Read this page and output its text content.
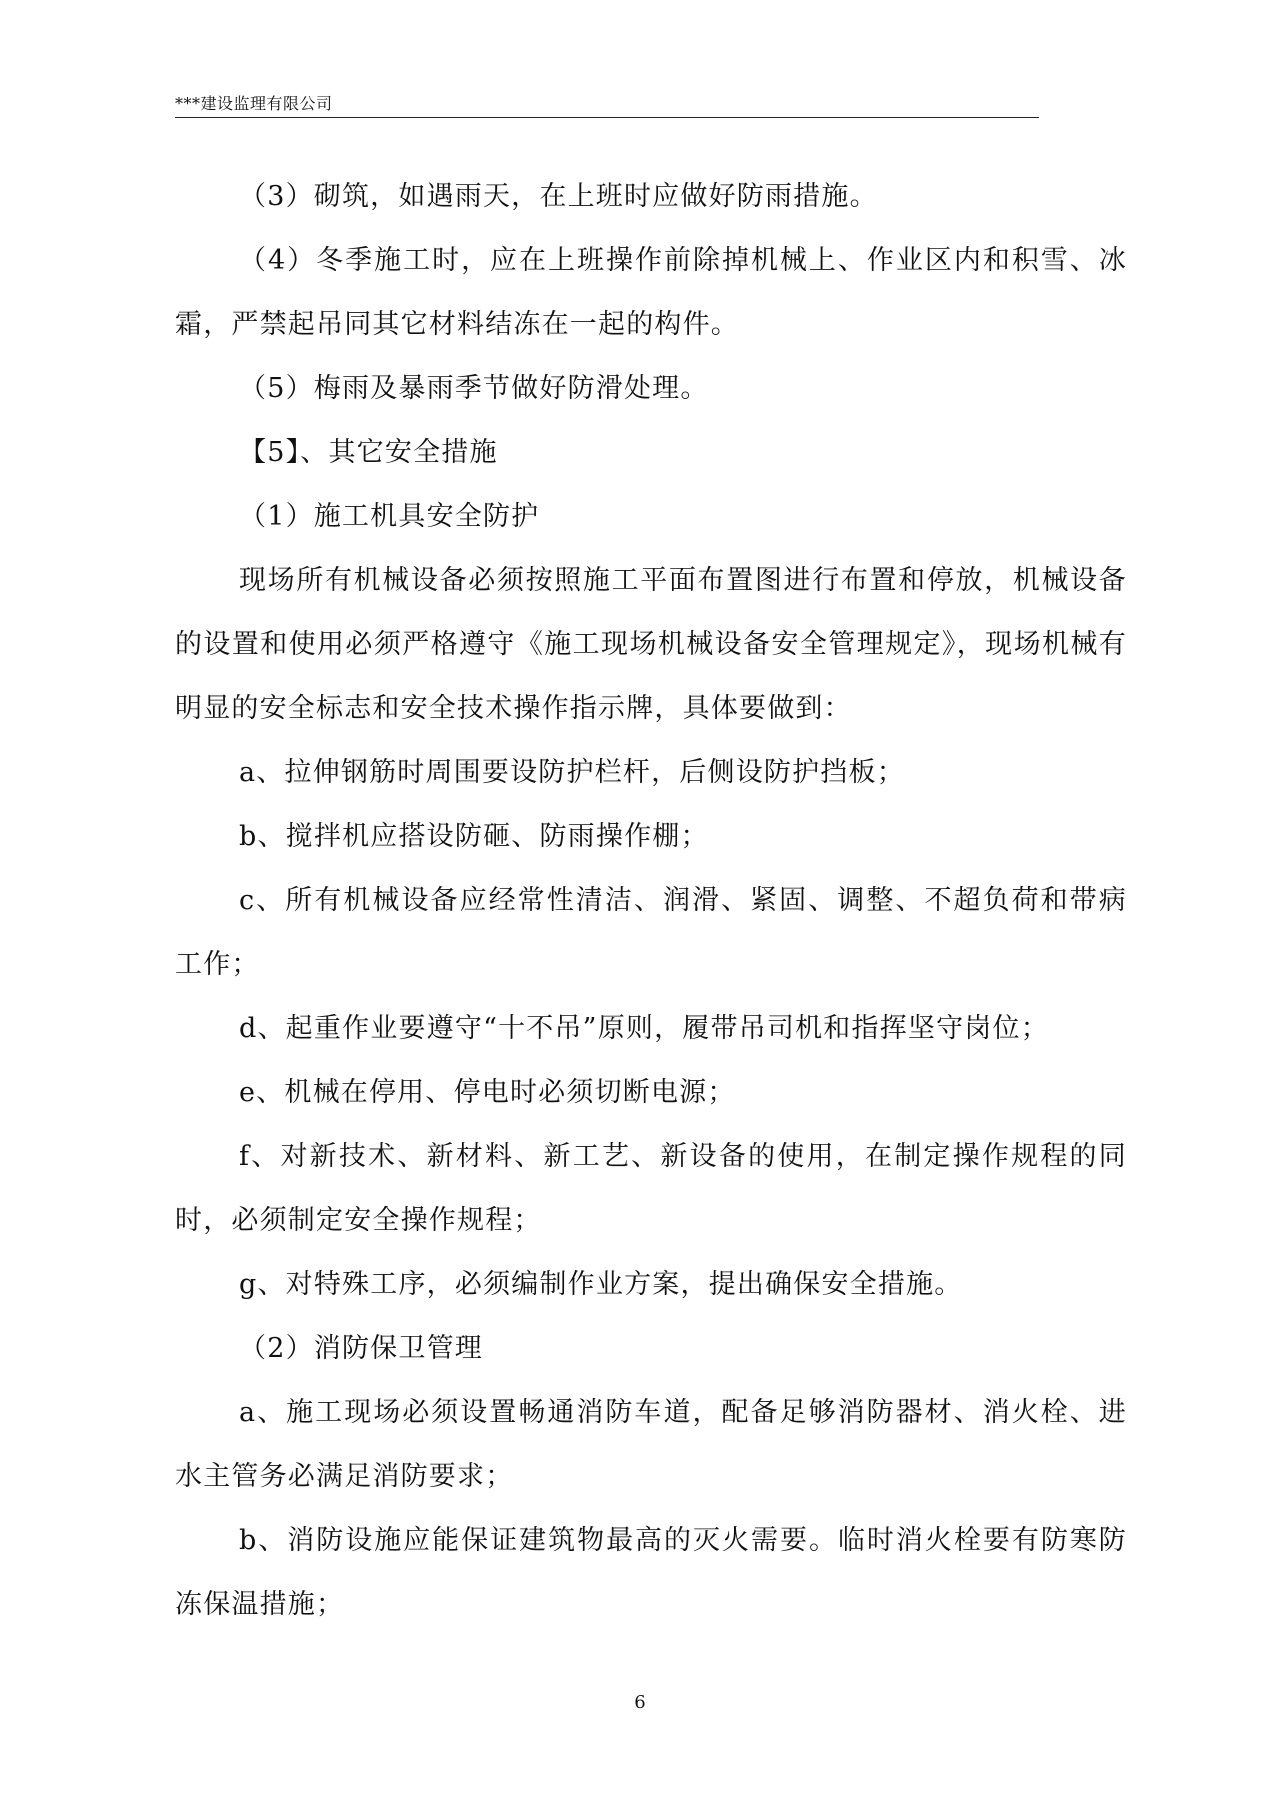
***建设监理有限公司

（3）砌筑，如遇雨天，在上班时应做好防雨措施。

（4）冬季施工时，应在上班操作前除掉机械上、作业区内和积雪、冰霜，严禁起吊同其它材料结冻在一起的构件。

（5）梅雨及暴雨季节做好防滑处理。

【5】、其它安全措施

（1）施工机具安全防护

现场所有机械设备必须按照施工平面布置图进行布置和停放，机械设备的设置和使用必须严格遵守《施工现场机械设备安全管理规定》，现场机械有明显的安全标志和安全技术操作指示牌，具体要做到：

a、拉伸钢筋时周围要设防护栏杆，后侧设防护挡板；

b、搅拌机应搭设防砸、防雨操作棚；

c、所有机械设备应经常性清洁、润滑、紧固、调整、不超负荷和带病工作；

d、起重作业要遵守“十不吊”原则，履带吊司机和指挥坚守岗位；

e、机械在停用、停电时必须切断电源；

f、对新技术、新材料、新工艺、新设备的使用，在制定操作规程的同时，必须制定安全操作规程；

g、对特殊工序，必须编制作业方案，提出确保安全措施。

（2）消防保卫管理

a、施工现场必须设置畅通消防车道，配备足够消防器材、消火栓、进水主管务必满足消防要求；

b、消防设施应能保证建筑物最高的灭火需要。临时消火栓要有防寒防冻保温措施；

6
